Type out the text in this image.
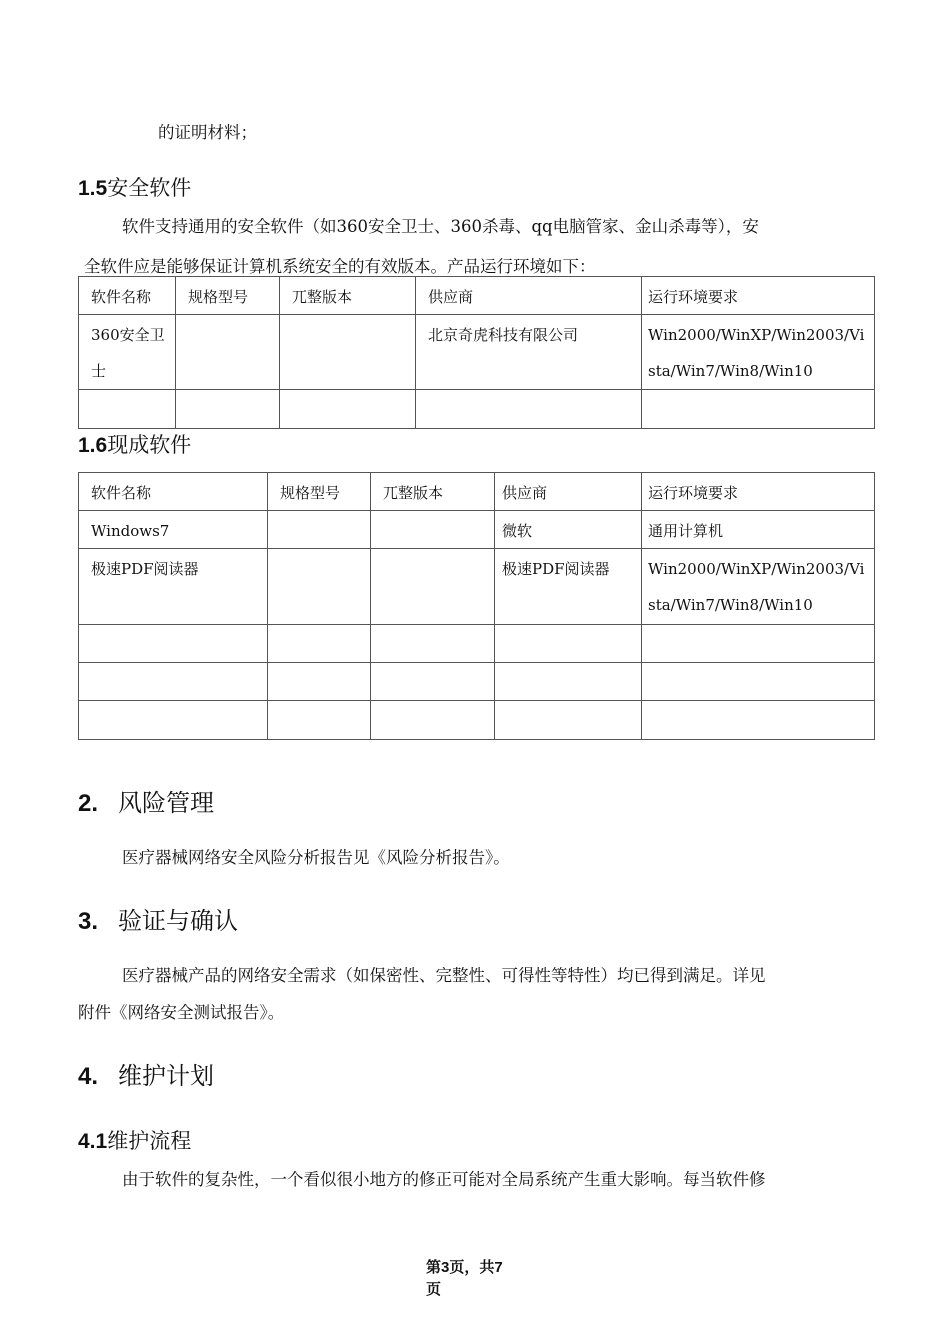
的证明材料；
1.5安全软件
软件支持通用的安全软件（如360安全卫士、360杀毒、qq电脑管家、金山杀毒等），安
全软件应是能够保证计算机系统安全的有效版本。产品运行环境如下：
软件名称	规格型号	兀整版本	供应商	运行环境要求
360安全卫士			北京奇虎科技有限公司	Win2000/WinXP/Win2003/Vista/Win7/Win8/Win10

1.6现成软件
软件名称	规格型号	兀整版本	供应商	运行环境要求
Windows7			微软	通用计算机
极速PDF阅读器			极速PDF阅读器	Win2000/WinXP/Win2003/Vista/Win7/Win8/Win10

2. 风险管理
医疗器械网络安全风险分析报告见《风险分析报告》。
3. 验证与确认
医疗器械产品的网络安全需求（如保密性、完整性、可得性等特性）均已得到满足。详见
附件《网络安全测试报告》。
4. 维护计划
4.1维护流程
由于软件的复杂性，一个看似很小地方的修正可能对全局系统产生重大影响。每当软件修
第3页，共7
页
